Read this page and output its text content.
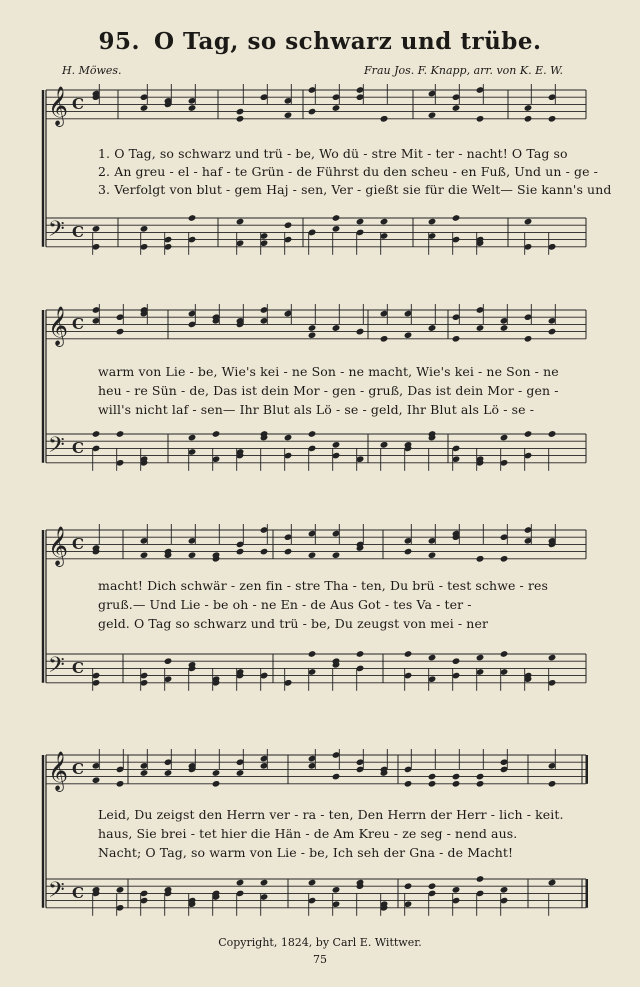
95. O Tag, so schwarz und trübe.
H. Möwes.	Frau Jos. F. Knapp, arr. von K. E. W.
𝄞 C
𝄢 C
1. O Tag, so schwarz und trü - be, Wo dü - stre Mit - ter - nacht! O Tag so
2. An greu - el - haf - te Grün - de Führst du den scheu - en Fuß, Und un - ge -
3. Verfolgt von blut - gem Haj - sen, Ver - gießt sie für die Welt— Sie kann's und
𝄞 C
𝄢 C
warm von Lie - be, Wie's kei - ne Son - ne macht, Wie's kei - ne Son - ne
heu - re Sün - de, Das ist dein Mor - gen - gruß, Das ist dein Mor - gen -
will's nicht laf - sen— Ihr Blut als Lö - se - geld, Ihr Blut als Lö - se -
𝄞 C
𝄢 C
macht! Dich schwär - zen fin - stre Tha - ten, Du brü - test schwe - res
gruß.— Und Lie - be oh - ne En - de Aus Got - tes Va - ter -
geld. O Tag so schwarz und trü - be, Du zeugst von mei - ner
𝄞 C
𝄢 C
Leid, Du zeigst den Herrn ver - ra - ten, Den Herrn der Herr - lich - keit.
haus, Sie brei - tet hier die Hän - de Am Kreu - ze seg - nend aus.
Nacht; O Tag, so warm von Lie - be, Ich seh der Gna - de Macht!
Copyright, 1824, by Carl E. Wittwer.
75
